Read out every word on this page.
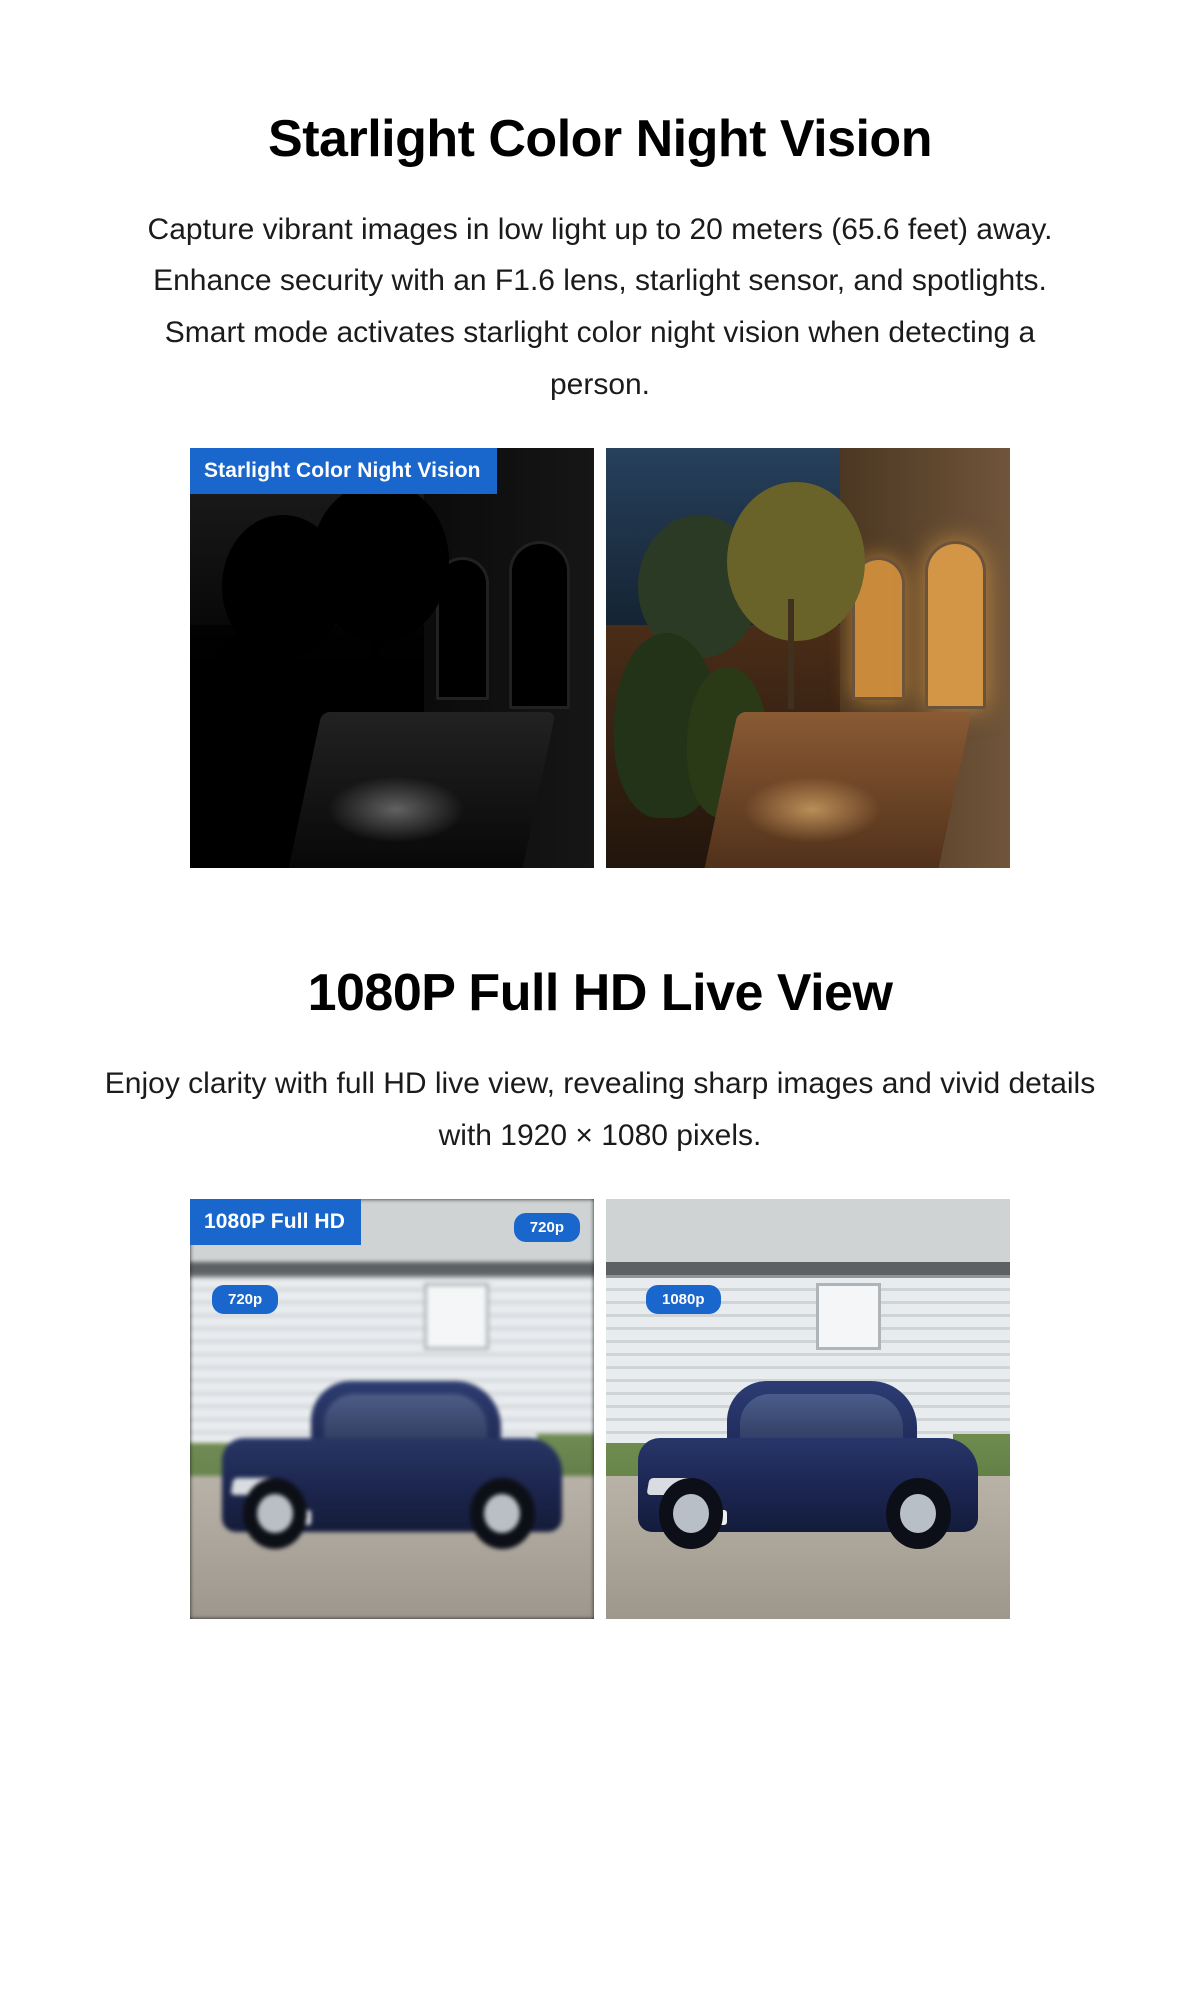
Starlight Color Night Vision

Capture vibrant images in low light up to 20 meters (65.6 feet) away. Enhance security with an F1.6 lens, starlight sensor, and spotlights. Smart mode activates starlight color night vision when detecting a person.

Starlight Color Night Vision
1080P Full HD Live View

Enjoy clarity with full HD live view, revealing sharp images and vivid details with 1920 × 1080 pixels.

1080P Full HD	720p
720p	1080p
